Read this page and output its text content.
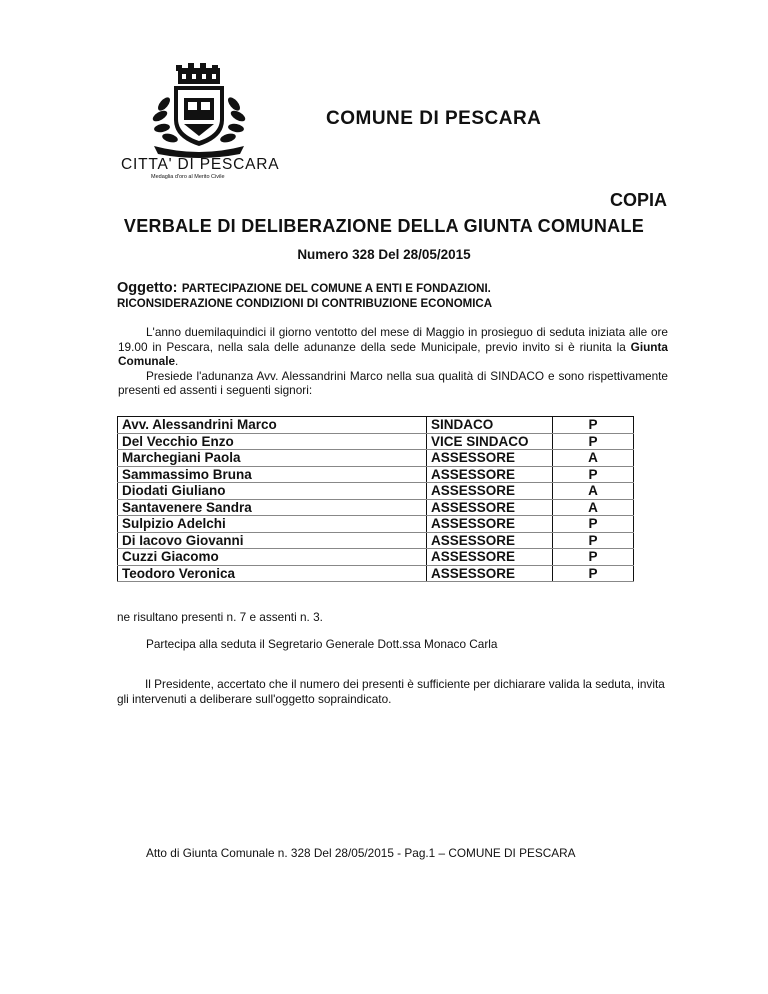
COMUNE DI PESCARA
CITTA' DI PESCARA
Medaglia d'oro al Merito Civile
COPIA
VERBALE DI DELIBERAZIONE DELLA GIUNTA COMUNALE
Numero 328 Del 28/05/2015
Oggetto: PARTECIPAZIONE DEL COMUNE A ENTI E FONDAZIONI.
RICONSIDERAZIONE CONDIZIONI DI CONTRIBUZIONE ECONOMICA

L'anno duemilaquindici il giorno ventotto del mese di Maggio in prosieguo di seduta iniziata alle ore 19.00 in Pescara, nella sala delle adunanze della sede Municipale, previo invito si è riunita la Giunta Comunale.

Presiede l'adunanza Avv. Alessandrini Marco nella sua qualità di SINDACO e sono rispettivamente presenti ed assenti i seguenti signori:

Avv. Alessandrini Marco	SINDACO	P
Del Vecchio Enzo	VICE SINDACO	P
Marchegiani Paola	ASSESSORE	A
Sammassimo Bruna	ASSESSORE	P
Diodati Giuliano	ASSESSORE	A
Santavenere Sandra	ASSESSORE	A
Sulpizio Adelchi	ASSESSORE	P
Di Iacovo Giovanni	ASSESSORE	P
Cuzzi Giacomo	ASSESSORE	P
Teodoro Veronica	ASSESSORE	P
ne risultano presenti n. 7 e assenti n. 3.
Partecipa alla seduta il Segretario Generale Dott.ssa Monaco Carla

Il Presidente, accertato che il numero dei presenti è sufficiente per dichiarare valida la seduta, invita gli intervenuti a deliberare sull'oggetto sopraindicato.

Atto di Giunta Comunale n. 328 Del 28/05/2015 - Pag.1 – COMUNE DI PESCARA
